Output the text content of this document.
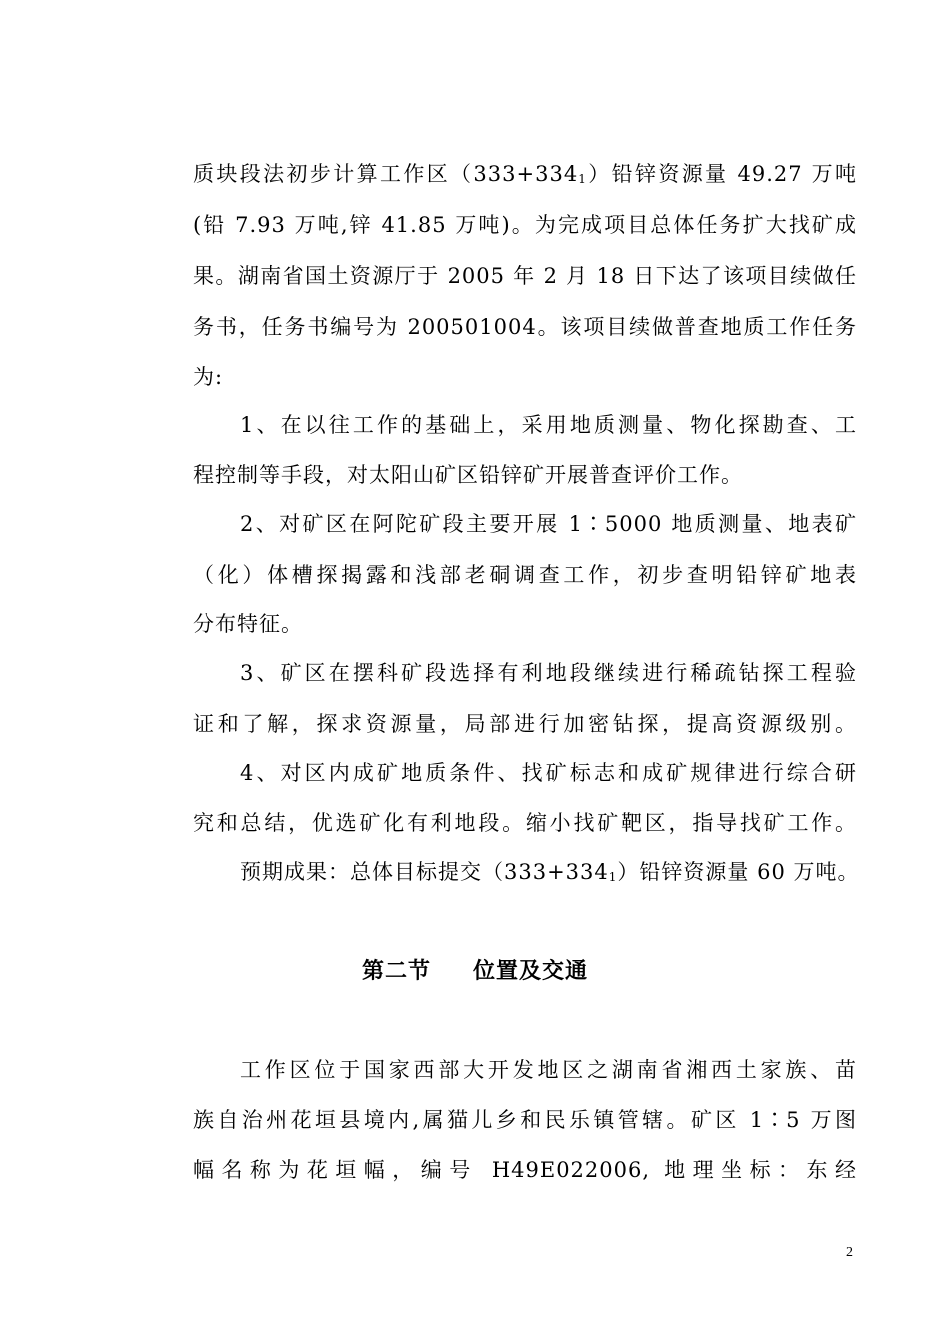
质块段法初步计算工作区$(333+334_1)$铅锌资源量 49.27 万吨
(铅 7.93 万吨,锌 41.85 万吨)。为完成项目总体任务扩大找矿成
果。湖南省国土资源厅于 2005 年 2 月 18 日下达了该项目续做任
务书，任务书编号为 200501004。该项目续做普查地质工作任务
为:
1、在以往工作的基础上，采用地质测量、物化探勘查、工
程控制等手段，对太阳山矿区铅锌矿开展普查评价工作。
2、对矿区在阿陀矿段主要开展 1∶5000 地质测量、地表矿
（化）体槽探揭露和浅部老硐调查工作，初步查明铅锌矿地表
分布特征。
3、矿区在摆科矿段选择有利地段继续进行稀疏钻探工程验
证和了解，探求资源量，局部进行加密钻探，提高资源级别。
4、对区内成矿地质条件、找矿标志和成矿规律进行综合研
究和总结，优选矿化有利地段。缩小找矿靶区，指导找矿工作。
预期成果：总体目标提交$(333+334_1)$铅锌资源量 60 万吨。
第二节 位置及交通
工作区位于国家西部大开发地区之湖南省湘西土家族、苗
族自治州花垣县境内,属猫儿乡和民乐镇管辖。矿区 1∶5 万图
幅名称为花垣幅，编号 H49E022006, 地理坐标：东经
2
